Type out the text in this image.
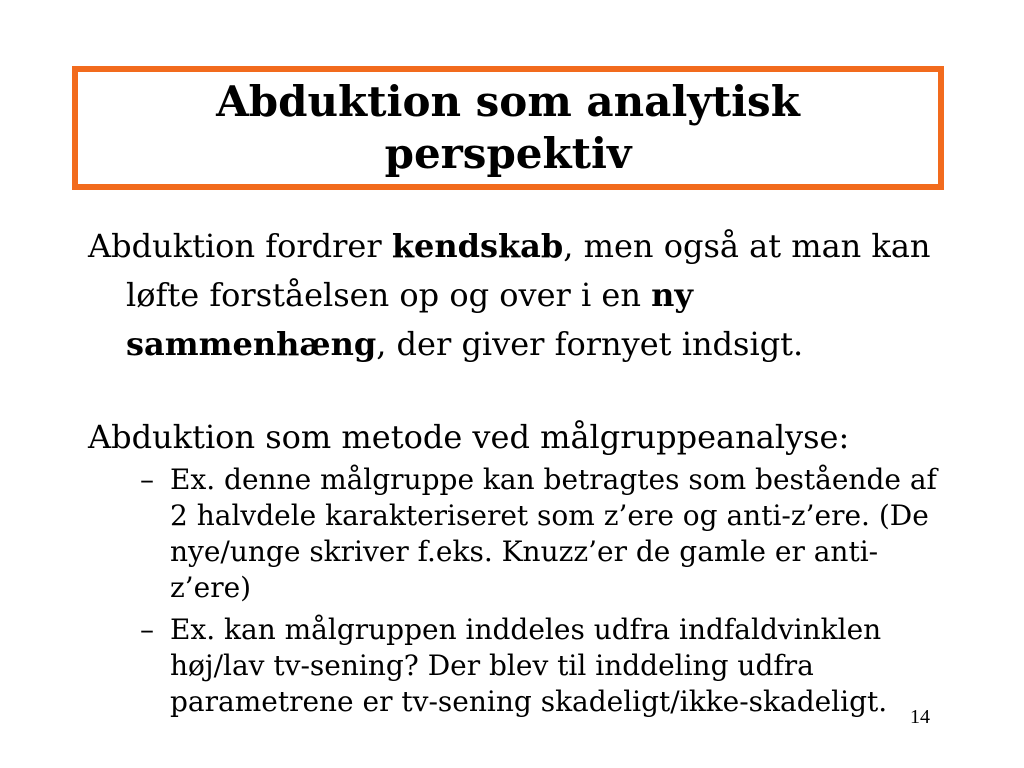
Abduktion som analytisk
perspektiv

Abduktion fordrer kendskab, men også at man kan løfte forståelsen op og over i en ny sammenhæng, der giver fornyet indsigt.

Abduktion som metode ved målgruppeanalyse:

– Ex. denne målgruppe kan betragtes som bestående af 2 halvdele karakteriseret som z’ere og anti-z’ere. (De nye/unge skriver f.eks. Knuzz’er de gamle er anti-z’ere)
– Ex. kan målgruppen inddeles udfra indfaldvinklen høj/lav tv-sening? Der blev til inddeling udfra parametrene er tv-sening skadeligt/ikke-skadeligt.	14
